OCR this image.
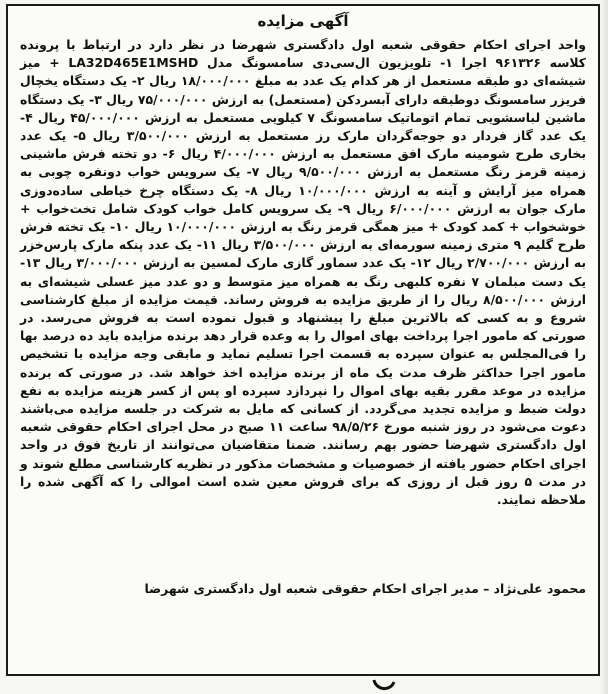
آگهی مزایده
واحد اجرای احکام حقوقی شعبه اول دادگستری شهرضا در نظر دارد در ارتباط با پرونده کلاسه ۹۶۱۳۲۶ اجرا ۱- تلویزیون ال‌سی‌دی سامسونگ مدل LA32D465E1MSHD + میز شیشه‌ای دو طبقه مستعمل از هر کدام یک عدد به مبلغ ۱۸/۰۰۰/۰۰۰ ریال ۲- یک دستگاه یخچال فریزر سامسونگ دوطبقه دارای آبسردکن (مستعمل) به ارزش ۷۵/۰۰۰/۰۰۰ ریال ۳- یک دستگاه ماشین لباسشویی تمام اتوماتیک سامسونگ ۷ کیلویی مستعمل به ارزش ۴۵/۰۰۰/۰۰۰ ریال ۴- یک عدد گاز فردار دو جوجه‌گردان مارک رز مستعمل به ارزش ۳/۵۰۰/۰۰۰ ریال ۵- یک عدد بخاری طرح شومینه مارک افق مستعمل به ارزش ۴/۰۰۰/۰۰۰ ریال ۶- دو تخته فرش ماشینی زمینه قرمز رنگ مستعمل به ارزش ۹/۵۰۰/۰۰۰ ریال ۷- یک سرویس خواب دونفره چوبی به همراه میز آرایش و آینه به ارزش ۱۰/۰۰۰/۰۰۰ ریال ۸- یک دستگاه چرخ خیاطی ساده‌دوزی مارک جوان به ارزش ۶/۰۰۰/۰۰۰ ریال ۹- یک سرویس کامل خواب کودک شامل تخت‌خواب + خوشخواب + کمد کودک + میز همگی قرمز رنگ به ارزش ۱۰/۰۰۰/۰۰۰ ریال ۱۰- یک تخته فرش طرح گلیم ۹ متری زمینه سورمه‌ای به ارزش ۳/۵۰۰/۰۰۰ ریال ۱۱- یک عدد پنکه مارک پارس‌خزر به ارزش ۲/۷۰۰/۰۰۰ ریال ۱۲- یک عدد سماور گازی مارک لمسین به ارزش ۳/۰۰۰/۰۰۰ ریال ۱۳- یک دست مبلمان ۷ نفره کلبهی رنگ به همراه میز متوسط و دو عدد میز عسلی شیشه‌ای به ارزش ۸/۵۰۰/۰۰۰ ریال را از طریق مزایده به فروش رساند. قیمت مزایده از مبلغ کارشناسی شروع و به کسی که بالاترین مبلغ را پیشنهاد و قبول نموده است به فروش می‌رسد. در صورتی که مامور اجرا پرداخت بهای اموال را به وعده قرار دهد برنده مزایده باید ده درصد بها را فی‌المجلس به عنوان سپرده به قسمت اجرا تسلیم نماید و مابقی وجه مزایده با تشخیص مامور اجرا حداکثر ظرف مدت یک ماه از برنده مزایده اخذ خواهد شد. در صورتی که برنده مزایده در موعد مقرر بقیه بهای اموال را نپردازد سپرده او پس از کسر هزینه مزایده به نفع دولت ضبط و مزایده تجدید می‌گردد. از کسانی که مایل به شرکت در جلسه مزایده می‌باشند دعوت می‌شود در روز شنبه مورخ ۹۸/۵/۲۶ ساعت ۱۱ صبح در محل اجرای احکام حقوقی شعبه اول دادگستری شهرضا حضور بهم رسانند. ضمنا متقاضیان می‌توانند از تاریخ فوق در واحد اجرای احکام حضور یافته از خصوصیات و مشخصات مذکور در نظریه کارشناسی مطلع شوند و در مدت ۵ روز قبل از روزی که برای فروش معین شده است اموالی را که آگهی شده را ملاحظه نمایند.
محمود علی‌نژاد – مدیر اجرای احکام حقوقی شعبه اول دادگستری شهرضا
